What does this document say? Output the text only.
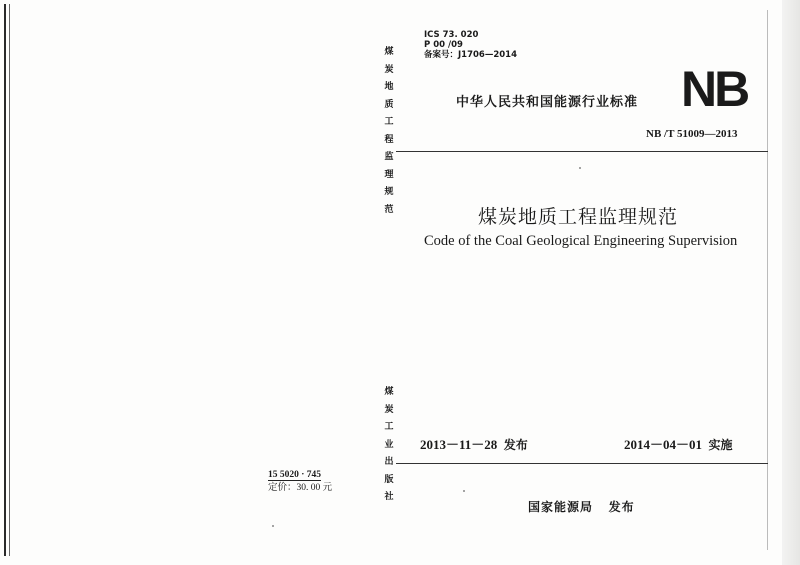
ICS 73. 020
P 00 /09
备案号：J1706—2014
中华人民共和国能源行业标准 NB
NB /T 51009—2013
煤
炭
地
质
工
程
监
理
规
范
煤
炭
工
业
出
版
社
煤炭地质工程监理规范
Code of the Coal Geological Engineering Supervision
2013－11－28 发布	2014－04－01 实施
国家能源局 发布
15 5020 · 745
定价：30. 00 元
